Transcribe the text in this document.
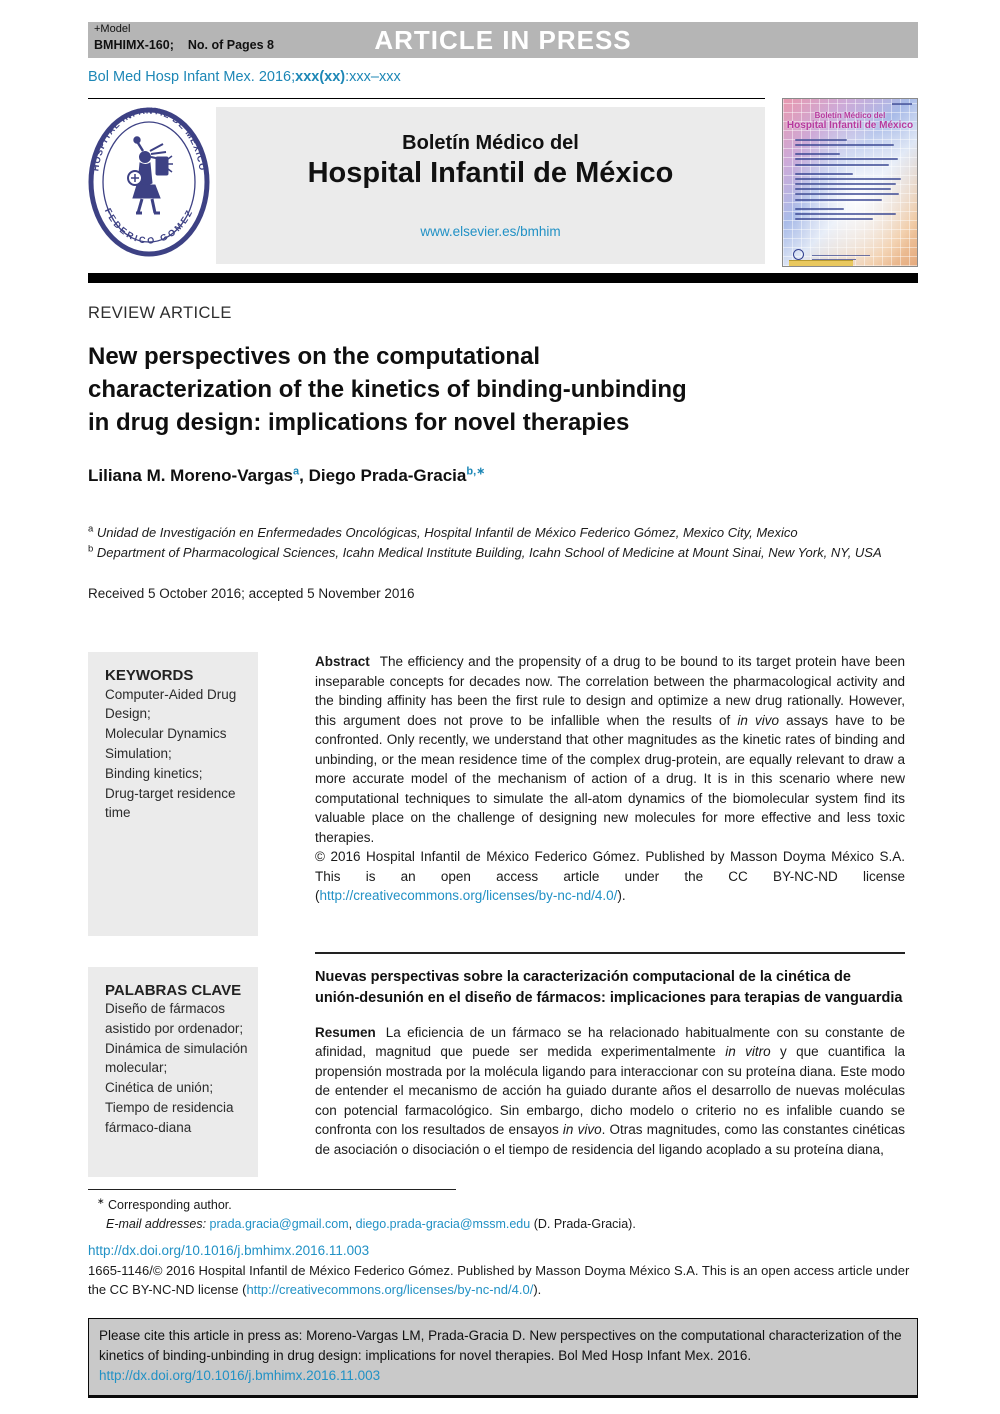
+Model
BMHIMX-160; No. of Pages 8	ARTICLE IN PRESS
Bol Med Hosp Infant Mex. 2016;xxx(xx):xxx–xxx
HOSPITAL INFANTIL DE MEXICO
FEDERICO GOMEZ
Boletín Médico del
Hospital Infantil de México
www.elsevier.es/bmhim
Boletín Médico del
Hospital Infantil de México
REVIEW ARTICLE
New perspectives on the computational
characterization of the kinetics of binding-unbinding
in drug design: implications for novel therapies
Liliana M. Moreno-Vargas$^a$, Diego Prada-Gracia$^{b,∗}$
$^a$ Unidad de Investigación en Enfermedades Oncológicas, Hospital Infantil de México Federico Gómez, Mexico City, Mexico
$^b$ Department of Pharmacological Sciences, Icahn Medical Institute Building, Icahn School of Medicine at Mount Sinai, New York, NY, USA
Received 5 October 2016; accepted 5 November 2016
KEYWORDS
Computer-Aided Drug Design;
Molecular Dynamics Simulation;
Binding kinetics;
Drug-target residence time
Abstract The efficiency and the propensity of a drug to be bound to its target protein have been inseparable concepts for decades now. The correlation between the pharmacological activity and the binding affinity has been the first rule to design and optimize a new drug rationally. However, this argument does not prove to be infallible when the results of in vivo assays have to be confronted. Only recently, we understand that other magnitudes as the kinetic rates of binding and unbinding, or the mean residence time of the complex drug-protein, are equally relevant to draw a more accurate model of the mechanism of action of a drug. It is in this scenario where new computational techniques to simulate the all-atom dynamics of the biomolecular system find its valuable place on the challenge of designing new molecules for more effective and less toxic therapies.
© 2016 Hospital Infantil de México Federico Gómez. Published by Masson Doyma México S.A. This is an open access article under the CC BY-NC-ND license (http://creativecommons.org/licenses/by-nc-nd/4.0/).
PALABRAS CLAVE
Diseño de fármacos asistido por ordenador;
Dinámica de simulación molecular;
Cinética de unión;
Tiempo de residencia fármaco-diana
Nuevas perspectivas sobre la caracterización computacional de la cinética de
unión-desunión en el diseño de fármacos: implicaciones para terapias de vanguardia
Resumen La eficiencia de un fármaco se ha relacionado habitualmente con su constante de afinidad, magnitud que puede ser medida experimentalmente in vitro y que cuantifica la propensión mostrada por la molécula ligando para interaccionar con su proteína diana. Este modo de entender el mecanismo de acción ha guiado durante años el desarrollo de nuevas moléculas con potencial farmacológico. Sin embargo, dicho modelo o criterio no es infalible cuando se confronta con los resultados de ensayos in vivo. Otras magnitudes, como las constantes cinéticas de asociación o disociación o el tiempo de residencia del ligando acoplado a su proteína diana,
∗ Corresponding author.
E-mail addresses: prada.gracia@gmail.com, diego.prada-gracia@mssm.edu (D. Prada-Gracia).
http://dx.doi.org/10.1016/j.bmhimx.2016.11.003
1665-1146/© 2016 Hospital Infantil de México Federico Gómez. Published by Masson Doyma México S.A. This is an open access article under the CC BY-NC-ND license (http://creativecommons.org/licenses/by-nc-nd/4.0/).
Please cite this article in press as: Moreno-Vargas LM, Prada-Gracia D. New perspectives on the computational characterization of the kinetics of binding-unbinding in drug design: implications for novel therapies. Bol Med Hosp Infant Mex. 2016. http://dx.doi.org/10.1016/j.bmhimx.2016.11.003
